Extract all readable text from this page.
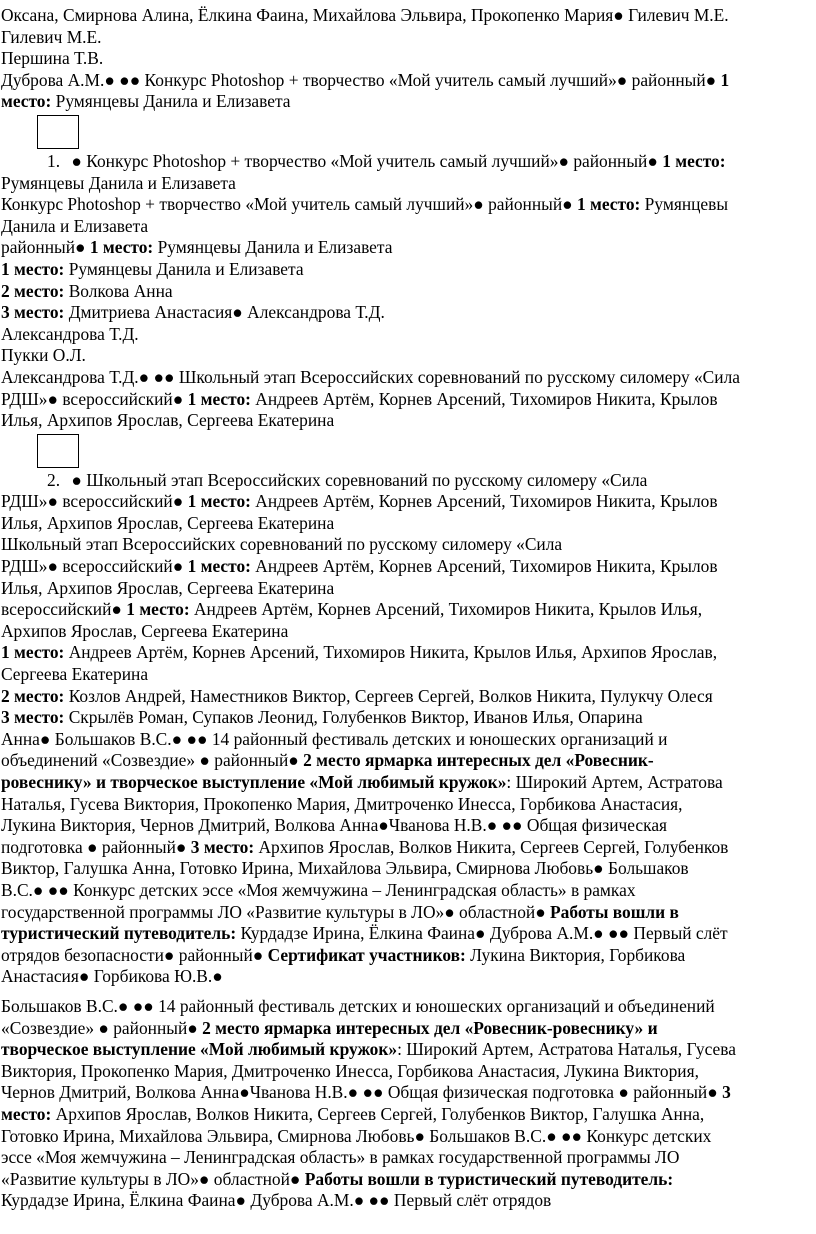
Оксана, Смирнова Алина, Ёлкина Фаина, Михайлова Эльвира, Прокопенко Мария● Гилевич М.Е.
Гилевич М.Е.
Першина Т.В.
Дуброва А.М.● ●● Конкурс Photoshop + творчество «Мой учитель самый лучший»● районный● 1
место: Румянцевы Данила и Елизавета
1. ● Конкурс Photoshop + творчество «Мой учитель самый лучший»● районный● 1 место:
Румянцевы Данила и Елизавета
Конкурс Photoshop + творчество «Мой учитель самый лучший»● районный● 1 место: Румянцевы
Данила и Елизавета
районный● 1 место: Румянцевы Данила и Елизавета
1 место: Румянцевы Данила и Елизавета
2 место: Волкова Анна
3 место: Дмитриева Анастасия● Александрова Т.Д.
Александрова Т.Д.
Пукки О.Л.
Александрова Т.Д.● ●● Школьный этап Всероссийских соревнований по русскому силомеру «Сила
РДШ»● всероссийский● 1 место: Андреев Артём, Корнев Арсений, Тихомиров Никита, Крылов
Илья, Архипов Ярослав, Сергеева Екатерина
2. ● Школьный этап Всероссийских соревнований по русскому силомеру «Сила
РДШ»● всероссийский● 1 место: Андреев Артём, Корнев Арсений, Тихомиров Никита, Крылов
Илья, Архипов Ярослав, Сергеева Екатерина
Школьный этап Всероссийских соревнований по русскому силомеру «Сила
РДШ»● всероссийский● 1 место: Андреев Артём, Корнев Арсений, Тихомиров Никита, Крылов
Илья, Архипов Ярослав, Сергеева Екатерина
всероссийский● 1 место: Андреев Артём, Корнев Арсений, Тихомиров Никита, Крылов Илья,
Архипов Ярослав, Сергеева Екатерина
1 место: Андреев Артём, Корнев Арсений, Тихомиров Никита, Крылов Илья, Архипов Ярослав,
Сергеева Екатерина
2 место: Козлов Андрей, Наместников Виктор, Сергеев Сергей, Волков Никита, Пулукчу Олеся
3 место: Скрылёв Роман, Супаков Леонид, Голубенков Виктор, Иванов Илья, Опарина
Анна● Большаков В.С.● ●● 14 районный фестиваль детских и юношеских организаций и
объединений «Созвездие» ● районный● 2 место ярмарка интересных дел «Ровесник-
ровеснику» и творческое выступление «Мой любимый кружок»: Широкий Артем, Астратова
Наталья, Гусева Виктория, Прокопенко Мария, Дмитроченко Инесса, Горбикова Анастасия,
Лукина Виктория, Чернов Дмитрий, Волкова Анна●Чванова Н.В.● ●● Общая физическая
подготовка ● районный● 3 место: Архипов Ярослав, Волков Никита, Сергеев Сергей, Голубенков
Виктор, Галушка Анна, Готовко Ирина, Михайлова Эльвира, Смирнова Любовь● Большаков
В.С.● ●● Конкурс детских эссе «Моя жемчужина – Ленинградская область» в рамках
государственной программы ЛО «Развитие культуры в ЛО»● областной● Работы вошли в
туристический путеводитель: Курдадзе Ирина, Ёлкина Фаина● Дуброва А.М.● ●● Первый слёт
отрядов безопасности● районный● Сертификат участников: Лукина Виктория, Горбикова
Анастасия● Горбикова Ю.В.●
Большаков В.С.● ●● 14 районный фестиваль детских и юношеских организаций и объединений
«Созвездие» ● районный● 2 место ярмарка интересных дел «Ровесник-ровеснику» и
творческое выступление «Мой любимый кружок»: Широкий Артем, Астратова Наталья, Гусева
Виктория, Прокопенко Мария, Дмитроченко Инесса, Горбикова Анастасия, Лукина Виктория,
Чернов Дмитрий, Волкова Анна●Чванова Н.В.● ●● Общая физическая подготовка ● районный● 3
место: Архипов Ярослав, Волков Никита, Сергеев Сергей, Голубенков Виктор, Галушка Анна,
Готовко Ирина, Михайлова Эльвира, Смирнова Любовь● Большаков В.С.● ●● Конкурс детских
эссе «Моя жемчужина – Ленинградская область» в рамках государственной программы ЛО
«Развитие культуры в ЛО»● областной● Работы вошли в туристический путеводитель:
Курдадзе Ирина, Ёлкина Фаина● Дуброва А.М.● ●● Первый слёт отрядов
